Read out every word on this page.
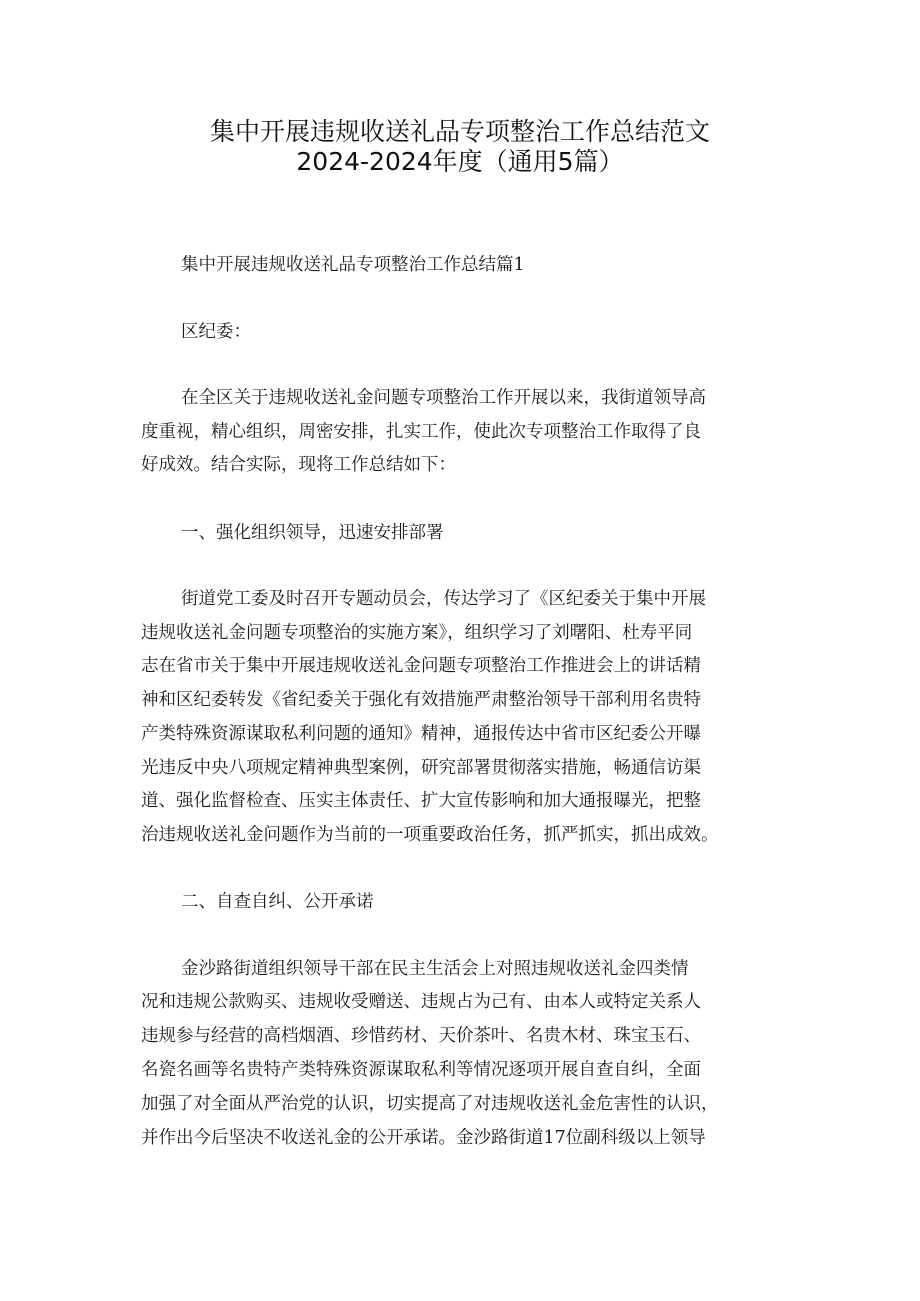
集中开展违规收送礼品专项整治工作总结范文
2024-2024年度（通用5篇）
集中开展违规收送礼品专项整治工作总结篇1
区纪委：
在全区关于违规收送礼金问题专项整治工作开展以来，我街道领导高
度重视，精心组织，周密安排，扎实工作，使此次专项整治工作取得了良
好成效。结合实际，现将工作总结如下：
一、强化组织领导，迅速安排部署
街道党工委及时召开专题动员会，传达学习了《区纪委关于集中开展
违规收送礼金问题专项整治的实施方案》，组织学习了刘曙阳、杜寿平同
志在省市关于集中开展违规收送礼金问题专项整治工作推进会上的讲话精
神和区纪委转发《省纪委关于强化有效措施严肃整治领导干部利用名贵特
产类特殊资源谋取私利问题的通知》精神，通报传达中省市区纪委公开曝
光违反中央八项规定精神典型案例，研究部署贯彻落实措施，畅通信访渠
道、强化监督检查、压实主体责任、扩大宣传影响和加大通报曝光，把整
治违规收送礼金问题作为当前的一项重要政治任务，抓严抓实，抓出成效。
二、自查自纠、公开承诺
金沙路街道组织领导干部在民主生活会上对照违规收送礼金四类情
况和违规公款购买、违规收受赠送、违规占为己有、由本人或特定关系人
违规参与经营的高档烟酒、珍惜药材、天价茶叶、名贵木材、珠宝玉石、
名瓷名画等名贵特产类特殊资源谋取私利等情况逐项开展自查自纠，全面
加强了对全面从严治党的认识，切实提高了对违规收送礼金危害性的认识，
并作出今后坚决不收送礼金的公开承诺。金沙路街道17位副科级以上领导
